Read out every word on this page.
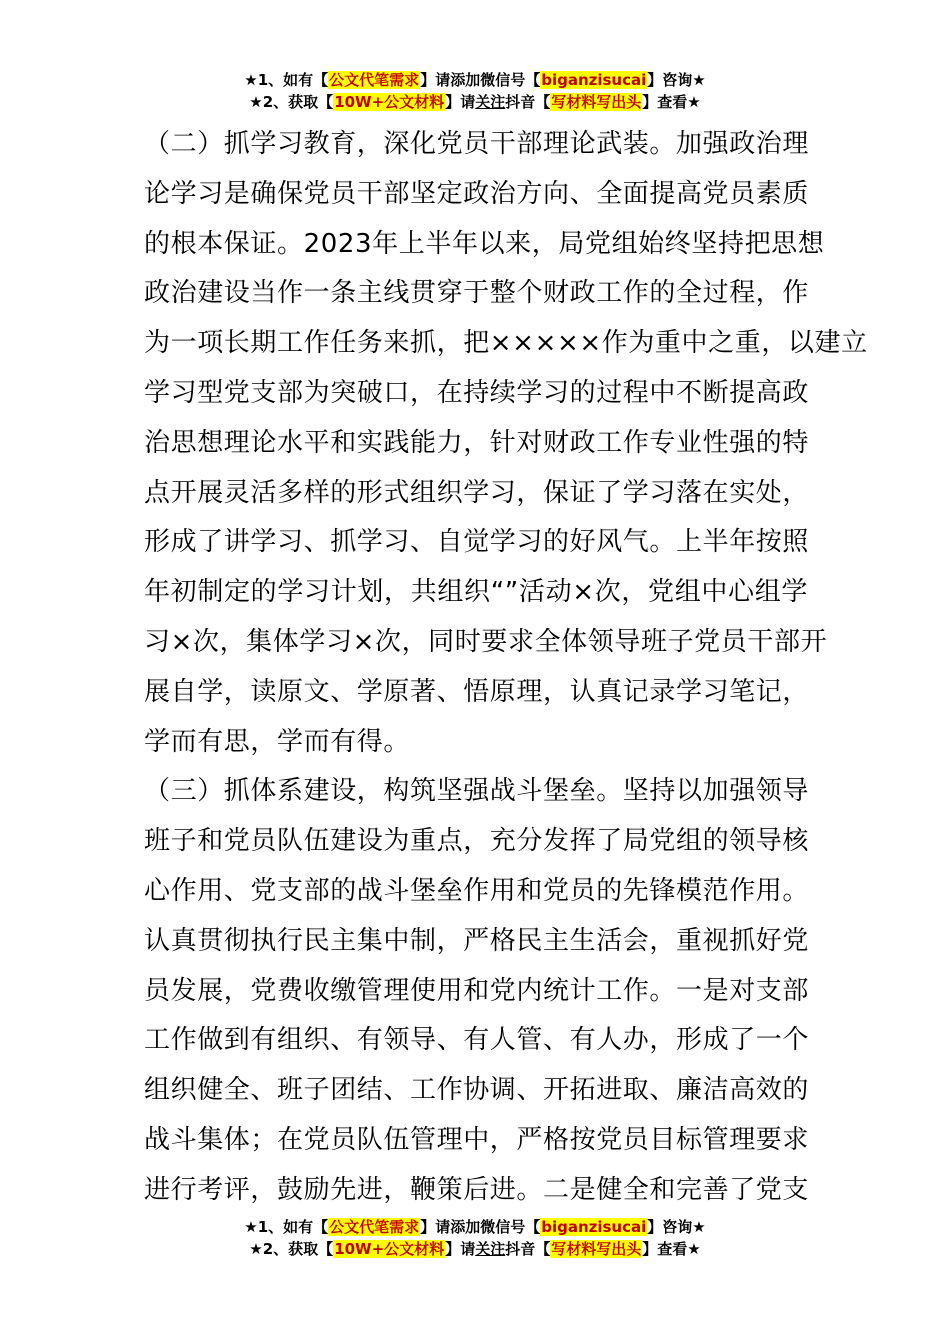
★1、如有【公文代笔需求】请添加微信号【biganzisucai】咨询★
★2、获取【10W+公文材料】请关注抖音【写材料写出头】查看★
（二）抓学习教育，深化党员干部理论武装。加强政治理
论学习是确保党员干部坚定政治方向、全面提高党员素质
的根本保证。2023年上半年以来，局党组始终坚持把思想
政治建设当作一条主线贯穿于整个财政工作的全过程，作
为一项长期工作任务来抓，把×××××作为重中之重，以建立
学习型党支部为突破口，在持续学习的过程中不断提高政
治思想理论水平和实践能力，针对财政工作专业性强的特
点开展灵活多样的形式组织学习，保证了学习落在实处，
形成了讲学习、抓学习、自觉学习的好风气。上半年按照
年初制定的学习计划，共组织“”活动×次，党组中心组学
习×次，集体学习×次，同时要求全体领导班子党员干部开
展自学，读原文、学原著、悟原理，认真记录学习笔记，
学而有思，学而有得。
（三）抓体系建设，构筑坚强战斗堡垒。坚持以加强领导
班子和党员队伍建设为重点，充分发挥了局党组的领导核
心作用、党支部的战斗堡垒作用和党员的先锋模范作用。
认真贯彻执行民主集中制，严格民主生活会，重视抓好党
员发展，党费收缴管理使用和党内统计工作。一是对支部
工作做到有组织、有领导、有人管、有人办，形成了一个
组织健全、班子团结、工作协调、开拓进取、廉洁高效的
战斗集体；在党员队伍管理中，严格按党员目标管理要求
进行考评，鼓励先进，鞭策后进。二是健全和完善了党支
★1、如有【公文代笔需求】请添加微信号【biganzisucai】咨询★
★2、获取【10W+公文材料】请关注抖音【写材料写出头】查看★
